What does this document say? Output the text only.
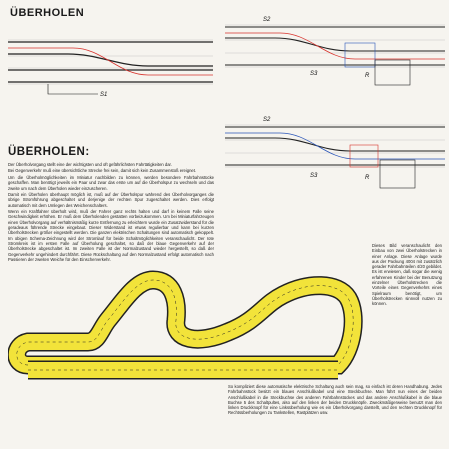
S1
ÜBERHOLEN
S2
S3	R
S2
S3	R
ÜBERHOLEN:

Der Überholvorgang stellt eine der wichtigsten und oft gefährlichsten Fahrtätigkeiten dar.

Bei Gegenverkehr muß eine übersichtliche Strecke frei sein, damit sich kein Zusammenstoß ereignet.

Um die Überholmöglichkeiten im Miniatur nachbilden zu können, werden besondere Fahrbahnstücke geschaffen. Man benötigt jeweils ein Paar und zwar das erste um auf die Überholspur zu wechseln und das zweite um nach dem Überholen wieder einzuscheren.

Damit ein Überholen überhaupt möglich ist, muß auf der Überholspur während des Überholvorganges die übrige Stromführung abgeschaltet und derjenige der rechten Spur zugeschaltet werden. Dies erfolgt automatisch mit dem Umlegen des Weichenschalters.

Wenn ein Kraftfahrer überholt wird, muß der Fahrer ganz rechts halten und darf in keinem Falle seine Geschwindigkeit erhöhen. Er muß dem Überholenden gestatten vorbeizukommen. Um bei Miniaturfahrzeugen einen Überholvorgang auf verhältnismäßig kurze Entfernung zu erleichtern wurde ein Zusatzwiderstand für die geradeaus führende Strecke eingebaut. Dieser Widerstand ist etwas regulierbar und kann bei kurzen Überholstrecken größer eingestellt werden. Die ganzen elektrischen Schaltungen sind automatisch gekoppelt. Im obigen Schema-Zeichnung wird der Stromlauf für beide Schaltmöglichkeiten veranschaulicht. Der rote Stromkreis ist im ersten Falle auf Überholung geschaltet, so daß der blaue Gegenverkehr auf der Überholstrecke abgeschaltet ist. Im zweiten Falle ist der Normalzustand wieder hergestellt, so daß der Gegenverkehr ungehindert durchfährt. Diese Rückschaltung auf den Normalzustand erfolgt automatisch nach Passieren der zweiten Weiche für den Einscherverkehr.

Dieses Bild veranschaulicht den Einbau von zwei Überholstrecken in einer Anlage. Diese Anlage wurde aus der Packung 4004 mit zusätzlich gerader Fahrbahnteilen 4/20 gebildet. Es ist erwiesen, daß sogar die wenig erfahrenen Kinder bei der Benutzung einzelner Überholstrecken die Vorteile eines Gegenverkehrs eines Spielraum benötigt, um Überholstrecken sinnvoll nutzen zu können.
So kompliziert diese automatische elektrische Schaltung auch sein mag, so einfach ist deren Handhabung. Jedes Fahrbahnstück besitzt ein blaues Anschlußkabel und eine Steckbuchse. Man führt nun eines der beiden Anschlußkabel in die Steckbuchse des anderen Fahrbahnstückes und das andere Anschlußkabel in die blaue Buchse 5 des Schaltpultes, also auf den linken der beiden Druckknöpfe. Zweckmäßigerweise benutzt man den linken Druckknopf für eine Linksüberholung wie es ein Überholvorgang darstellt, und den rechten Druckknopf für Rechtsüberholungen zu Tankstellen, Rastplätzen usw.
